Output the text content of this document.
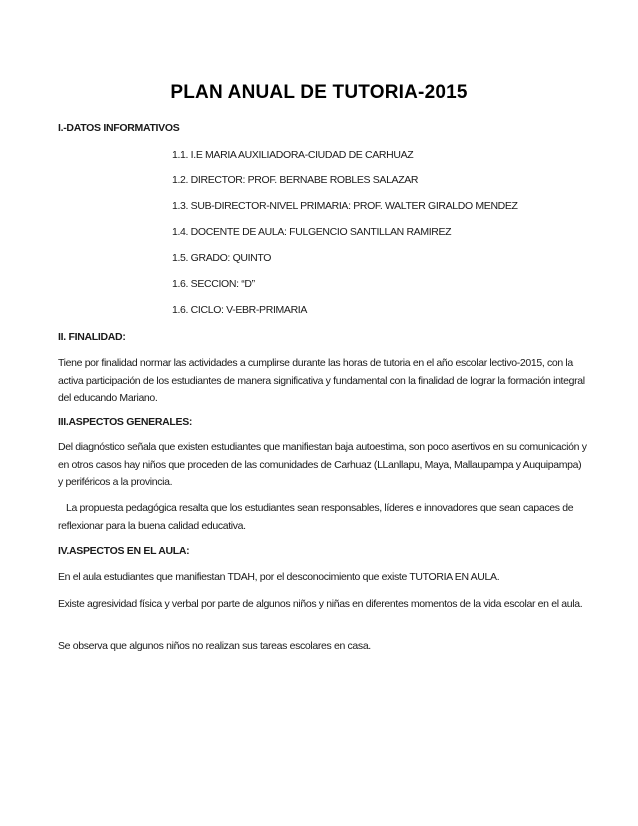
PLAN ANUAL DE TUTORIA-2015
I.-DATOS INFORMATIVOS
1.1. I.E MARIA AUXILIADORA-CIUDAD DE CARHUAZ
1.2. DIRECTOR: PROF. BERNABE ROBLES SALAZAR
1.3. SUB-DIRECTOR-NIVEL PRIMARIA: PROF. WALTER GIRALDO MENDEZ
1.4. DOCENTE DE AULA: FULGENCIO SANTILLAN RAMIREZ
1.5. GRADO: QUINTO
1.6. SECCION: “D”
1.6. CICLO: V-EBR-PRIMARIA
II. FINALIDAD:

Tiene por finalidad normar las actividades a cumplirse durante las horas de tutoria en el año escolar lectivo-2015, con la activa participación de los estudiantes de manera significativa y fundamental con la finalidad de lograr la formación integral del educando Mariano.

III.ASPECTOS GENERALES:

Del diagnóstico señala que existen estudiantes que manifiestan baja autoestima, son poco asertivos en su comunicación y en otros casos hay niños que proceden de las comunidades de Carhuaz (LLanllapu, Maya, Mallaupampa y Auquipampa) y periféricos a la provincia.

La propuesta pedagógica resalta que los estudiantes sean responsables, líderes e innovadores que sean capaces de reflexionar para la buena calidad educativa.

IV.ASPECTOS EN EL AULA:

En el aula estudiantes que manifiestan TDAH, por el desconocimiento que existe TUTORIA EN AULA.

Existe agresividad física y verbal por parte de algunos niños y niñas en diferentes momentos de la vida escolar en el aula.

Se observa que algunos niños no realizan sus tareas escolares en casa.
